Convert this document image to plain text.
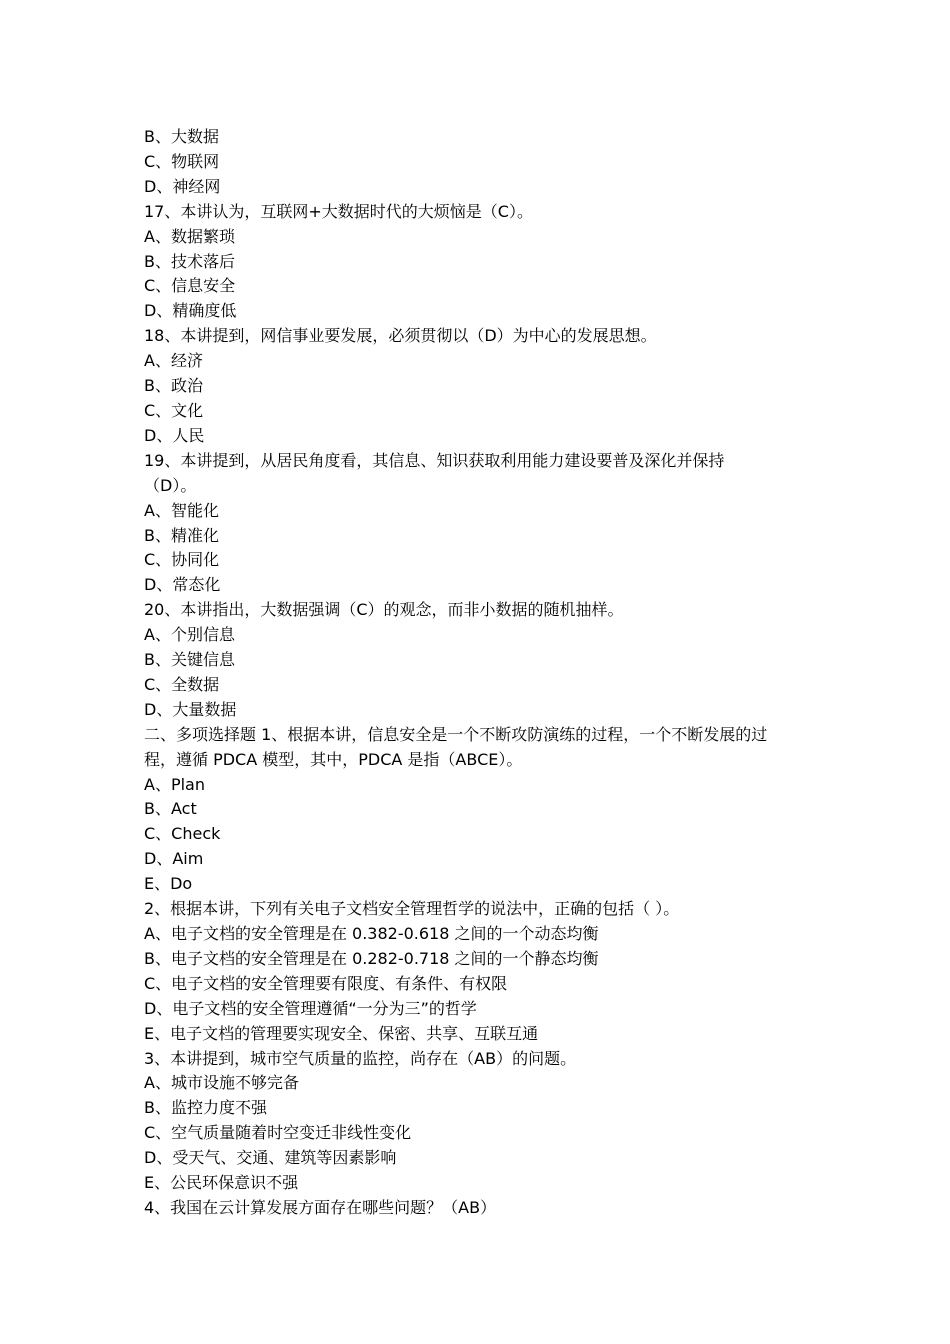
B、大数据

C、物联网

D、神经网

17、本讲认为，互联网+大数据时代的大烦恼是（C）。

A、数据繁琐

B、技术落后

C、信息安全

D、精确度低

18、本讲提到，网信事业要发展，必须贯彻以（D）为中心的发展思想。

A、经济

B、政治

C、文化

D、人民

19、本讲提到，从居民角度看，其信息、知识获取利用能力建设要普及深化并保持

（D）。

A、智能化

B、精准化

C、协同化

D、常态化

20、本讲指出，大数据强调（C）的观念，而非小数据的随机抽样。

A、个别信息

B、关键信息

C、全数据

D、大量数据

二、多项选择题 1、根据本讲，信息安全是一个不断攻防演练的过程，一个不断发展的过

程，遵循 PDCA 模型，其中，PDCA 是指（ABCE）。

A、Plan

B、Act

C、Check

D、Aim

E、Do

2、根据本讲，下列有关电子文档安全管理哲学的说法中，正确的包括（ ）。

A、电子文档的安全管理是在 0.382-0.618 之间的一个动态均衡

B、电子文档的安全管理是在 0.282-0.718 之间的一个静态均衡

C、电子文档的安全管理要有限度、有条件、有权限

D、电子文档的安全管理遵循“一分为三”的哲学

E、电子文档的管理要实现安全、保密、共享、互联互通

3、本讲提到，城市空气质量的监控，尚存在（AB）的问题。

A、城市设施不够完备

B、监控力度不强

C、空气质量随着时空变迁非线性变化

D、受天气、交通、建筑等因素影响

E、公民环保意识不强

4、我国在云计算发展方面存在哪些问题？（AB）
